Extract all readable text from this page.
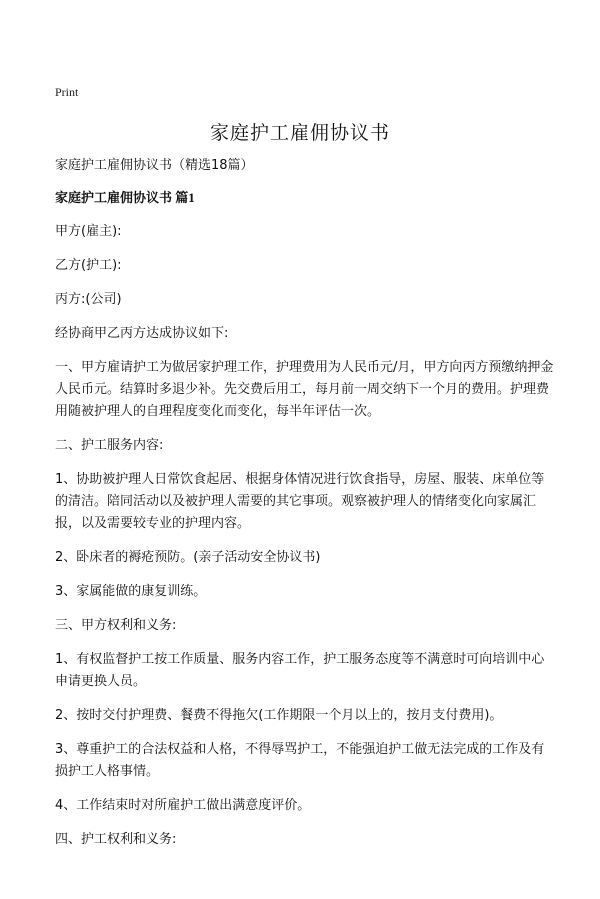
Print
家庭护工雇佣协议书

家庭护工雇佣协议书（精选18篇）

家庭护工雇佣协议书 篇1

甲方(雇主):

乙方(护工):

丙方:(公司)

经协商甲乙丙方达成协议如下:

一、甲方雇请护工为做居家护理工作，护理费用为人民币元/月，甲方向丙方预缴纳押金人民币元。结算时多退少补。先交费后用工，每月前一周交纳下一个月的费用。护理费用随被护理人的自理程度变化而变化，每半年评估一次。

二、护工服务内容:

1、协助被护理人日常饮食起居、根据身体情况进行饮食指导，房屋、服装、床单位等的清洁。陪同活动以及被护理人需要的其它事项。观察被护理人的情绪变化向家属汇报，以及需要较专业的护理内容。

2、卧床者的褥疮预防。(亲子活动安全协议书)

3、家属能做的康复训练。

三、甲方权利和义务:

1、有权监督护工按工作质量、服务内容工作，护工服务态度等不满意时可向培训中心申请更换人员。

2、按时交付护理费、餐费不得拖欠(工作期限一个月以上的，按月支付费用)。

3、尊重护工的合法权益和人格，不得辱骂护工，不能强迫护工做无法完成的工作及有损护工人格事情。

4、工作结束时对所雇护工做出满意度评价。

四、护工权利和义务:
